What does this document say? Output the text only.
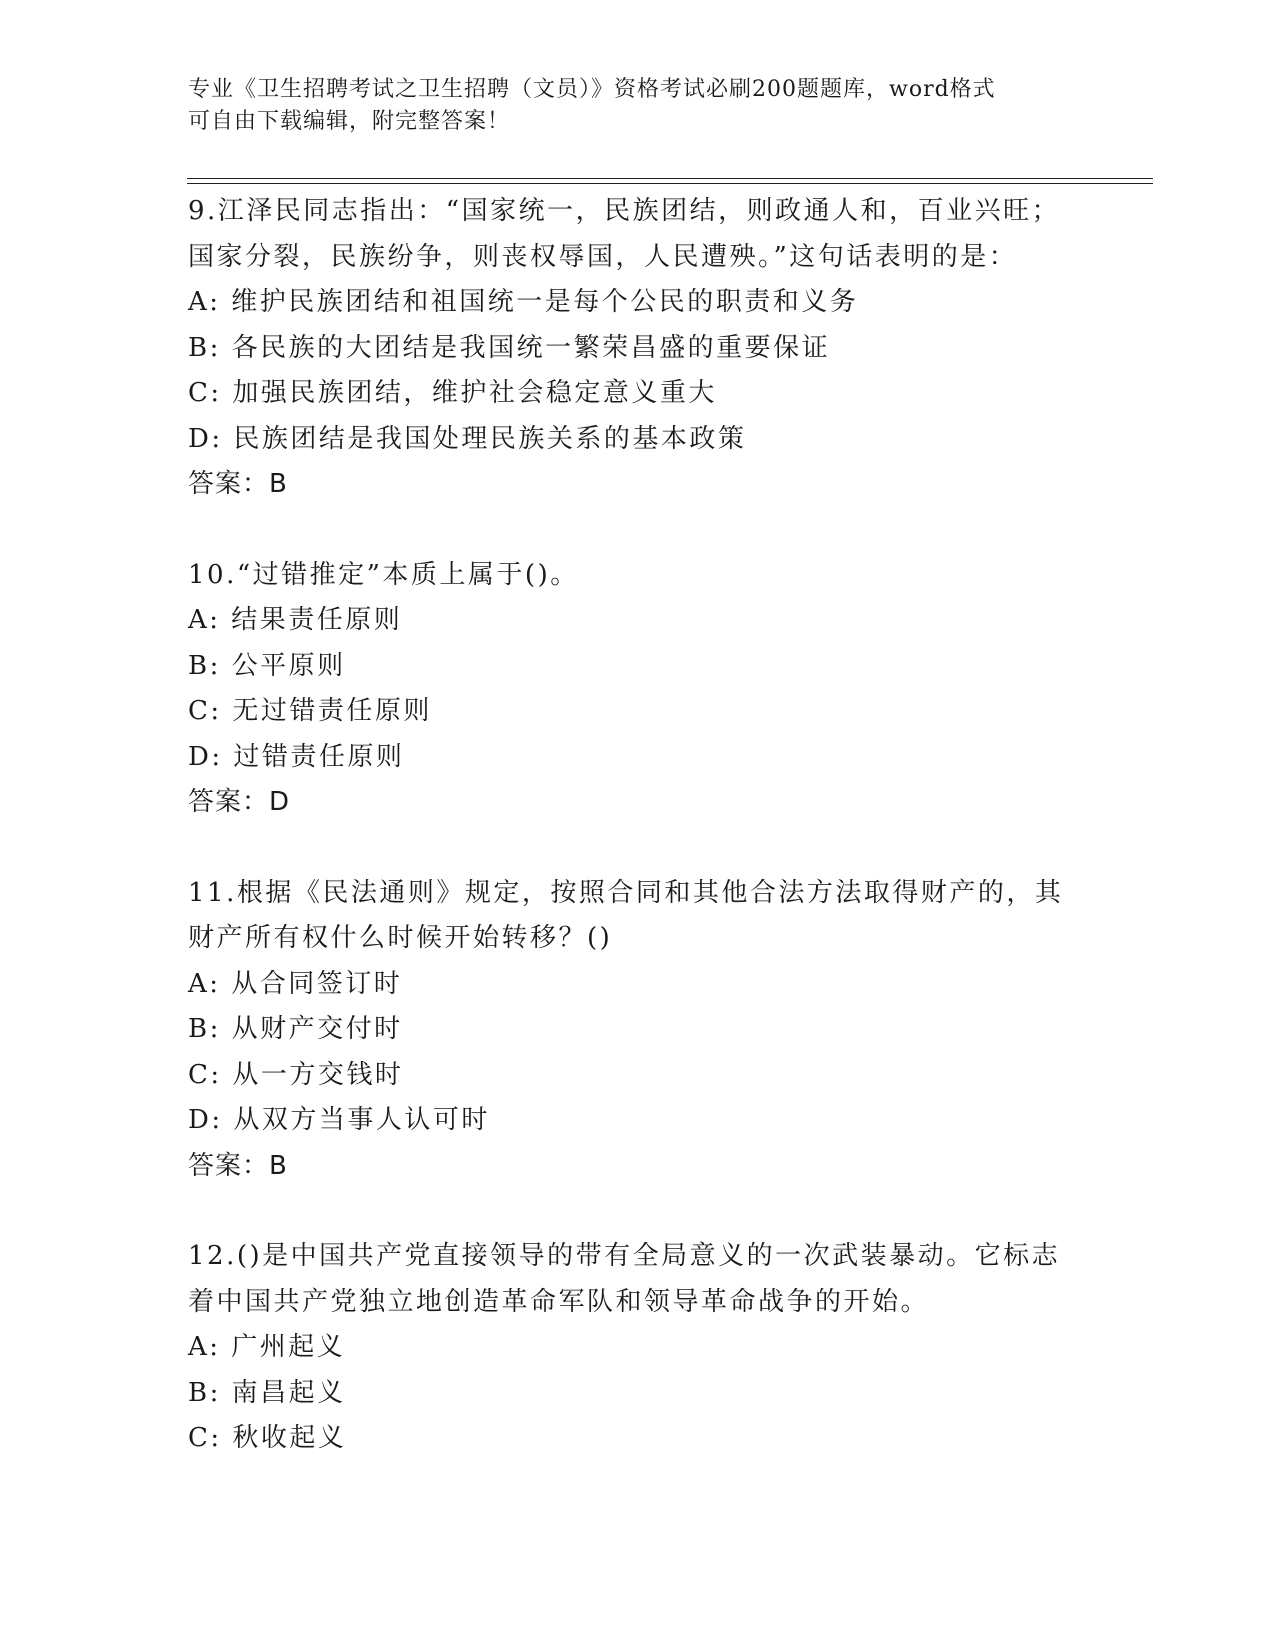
专业《卫生招聘考试之卫生招聘（文员）》资格考试必刷200题题库，word格式
可自由下载编辑，附完整答案！
9.江泽民同志指出：“国家统一，民族团结，则政通人和，百业兴旺；
国家分裂，民族纷争，则丧权辱国，人民遭殃。”这句话表明的是：
A: 维护民族团结和祖国统一是每个公民的职责和义务
B: 各民族的大团结是我国统一繁荣昌盛的重要保证
C: 加强民族团结，维护社会稳定意义重大
D: 民族团结是我国处理民族关系的基本政策
答案：B
10.“过错推定”本质上属于()。
A: 结果责任原则
B: 公平原则
C: 无过错责任原则
D: 过错责任原则
答案：D
11.根据《民法通则》规定，按照合同和其他合法方法取得财产的，其
财产所有权什么时候开始转移？()
A: 从合同签订时
B: 从财产交付时
C: 从一方交钱时
D: 从双方当事人认可时
答案：B
12.()是中国共产党直接领导的带有全局意义的一次武装暴动。它标志
着中国共产党独立地创造革命军队和领导革命战争的开始。
A: 广州起义
B: 南昌起义
C: 秋收起义
